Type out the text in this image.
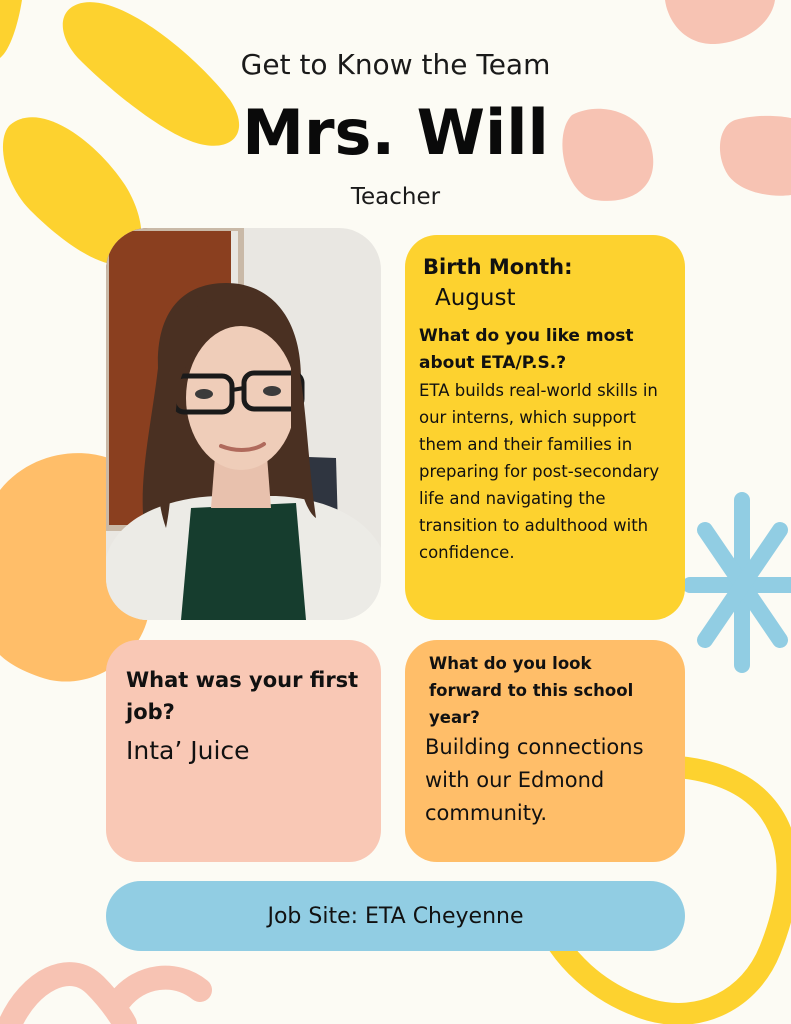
Get to Know the Team
Mrs. Will
Teacher

Birth Month:

August

What do you like most about ETA/P.S.?

ETA builds real-world skills in our interns, which support them and their families in preparing for post-secondary life and navigating the transition to adulthood with confidence.

What was your first job?

Inta’ Juice

What do you look forward to this school year?

Building connections with our Edmond community.

Job Site: ETA Cheyenne
